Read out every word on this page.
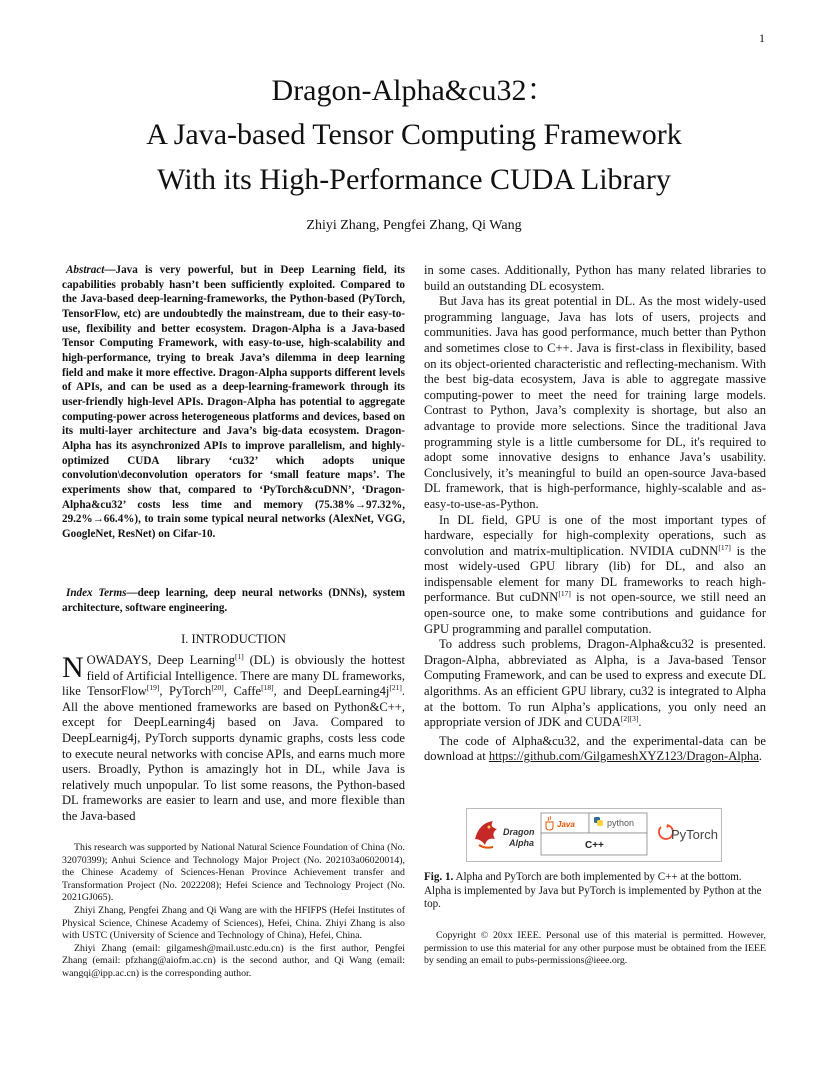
1
Dragon-Alpha&cu32：
A Java-based Tensor Computing Framework
With its High-Performance CUDA Library
Zhiyi Zhang, Pengfei Zhang, Qi Wang

Abstract—Java is very powerful, but in Deep Learning field, its capabilities probably hasn’t been sufficiently exploited. Compared to the Java-based deep-learning-frameworks, the Python-based (PyTorch, TensorFlow, etc) are undoubtedly the mainstream, due to their easy-to-use, flexibility and better ecosystem. Dragon-Alpha is a Java-based Tensor Computing Framework, with easy-to-use, high-scalability and high-performance, trying to break Java’s dilemma in deep learning field and make it more effective. Dragon-Alpha supports different levels of APIs, and can be used as a deep-learning-framework through its user-friendly high-level APIs. Dragon-Alpha has potential to aggregate computing-power across heterogeneous platforms and devices, based on its multi-layer architecture and Java’s big-data ecosystem. Dragon-Alpha has its asynchronized APIs to improve parallelism, and highly-optimized CUDA library ‘cu32’ which adopts unique convolution\deconvolution operators for ‘small feature maps’. The experiments show that, compared to ‘PyTorch&cuDNN’, ‘Dragon-Alpha&cu32’ costs less time and memory (75.38%→97.32%, 29.2%→66.4%), to train some typical neural networks (AlexNet, VGG, GoogleNet, ResNet) on Cifar-10.

Index Terms—deep learning, deep neural networks (DNNs), system architecture, software engineering.

I. INTRODUCTION

NOWADAYS, Deep Learning[1] (DL) is obviously the hottest field of Artificial Intelligence. There are many DL frameworks, like TensorFlow[19], PyTorch[20], Caffe[18], and DeepLearning4j[21]. All the above mentioned frameworks are based on Python&C++, except for DeepLearning4j based on Java. Compared to DeepLearnig4j, PyTorch supports dynamic graphs, costs less code to execute neural networks with concise APIs, and earns much more users. Broadly, Python is amazingly hot in DL, while Java is relatively much unpopular. To list some reasons, the Python-based DL frameworks are easier to learn and use, and more flexible than the Java-based

This research was supported by National Natural Science Foundation of China (No. 32070399); Anhui Science and Technology Major Project (No. 202103a06020014), the Chinese Academy of Sciences-Henan Province Achievement transfer and Transformation Project (No. 2022208); Hefei Science and Technology Project (No. 2021GJ065).

Zhiyi Zhang, Pengfei Zhang and Qi Wang are with the HFIFPS (Hefei Institutes of Physical Science, Chinese Academy of Sciences), Hefei, China. Zhiyi Zhang is also with USTC (University of Science and Technology of China), Hefei, China.

Zhiyi Zhang (email: gilgamesh@mail.ustc.edu.cn) is the first author, Pengfei Zhang (email: pfzhang@aiofm.ac.cn) is the second author, and Qi Wang (email: wangqi@ipp.ac.cn) is the corresponding author.

in some cases. Additionally, Python has many related libraries to build an outstanding DL ecosystem.

But Java has its great potential in DL. As the most widely-used programming language, Java has lots of users, projects and communities. Java has good performance, much better than Python and sometimes close to C++. Java is first-class in flexibility, based on its object-oriented characteristic and reflecting-mechanism. With the best big-data ecosystem, Java is able to aggregate massive computing-power to meet the need for training large models. Contrast to Python, Java’s complexity is shortage, but also an advantage to provide more selections. Since the traditional Java programming style is a little cumbersome for DL, it's required to adopt some innovative designs to enhance Java’s usability. Conclusively, it’s meaningful to build an open-source Java-based DL framework, that is high-performance, highly-scalable and as-easy-to-use-as-Python.

In DL field, GPU is one of the most important types of hardware, especially for high-complexity operations, such as convolution and matrix-multiplication. NVIDIA cuDNN[17] is the most widely-used GPU library (lib) for DL, and also an indispensable element for many DL frameworks to reach high-performance. But cuDNN[17] is not open-source, we still need an open-source one, to make some contributions and guidance for GPU programming and parallel computation.

To address such problems, Dragon-Alpha&cu32 is presented. Dragon-Alpha, abbreviated as Alpha, is a Java-based Tensor Computing Framework, and can be used to express and execute DL algorithms. As an efficient GPU library, cu32 is integrated to Alpha at the bottom. To run Alpha’s applications, you only need an appropriate version of JDK and CUDA[2][3].

The code of Alpha&cu32, and the experimental-data can be download at https://github.com/GilgameshXYZ123/Dragon-Alpha.

Dragon
Alpha
Java	python
C++
PyTorch
Fig. 1. Alpha and PyTorch are both implemented by C++ at the bottom. Alpha is implemented by Java but PyTorch is implemented by Python at the top.
Copyright © 20xx IEEE. Personal use of this material is permitted. However, permission to use this material for any other purpose must be obtained from the IEEE by sending an email to pubs-permissions@ieee.org.
